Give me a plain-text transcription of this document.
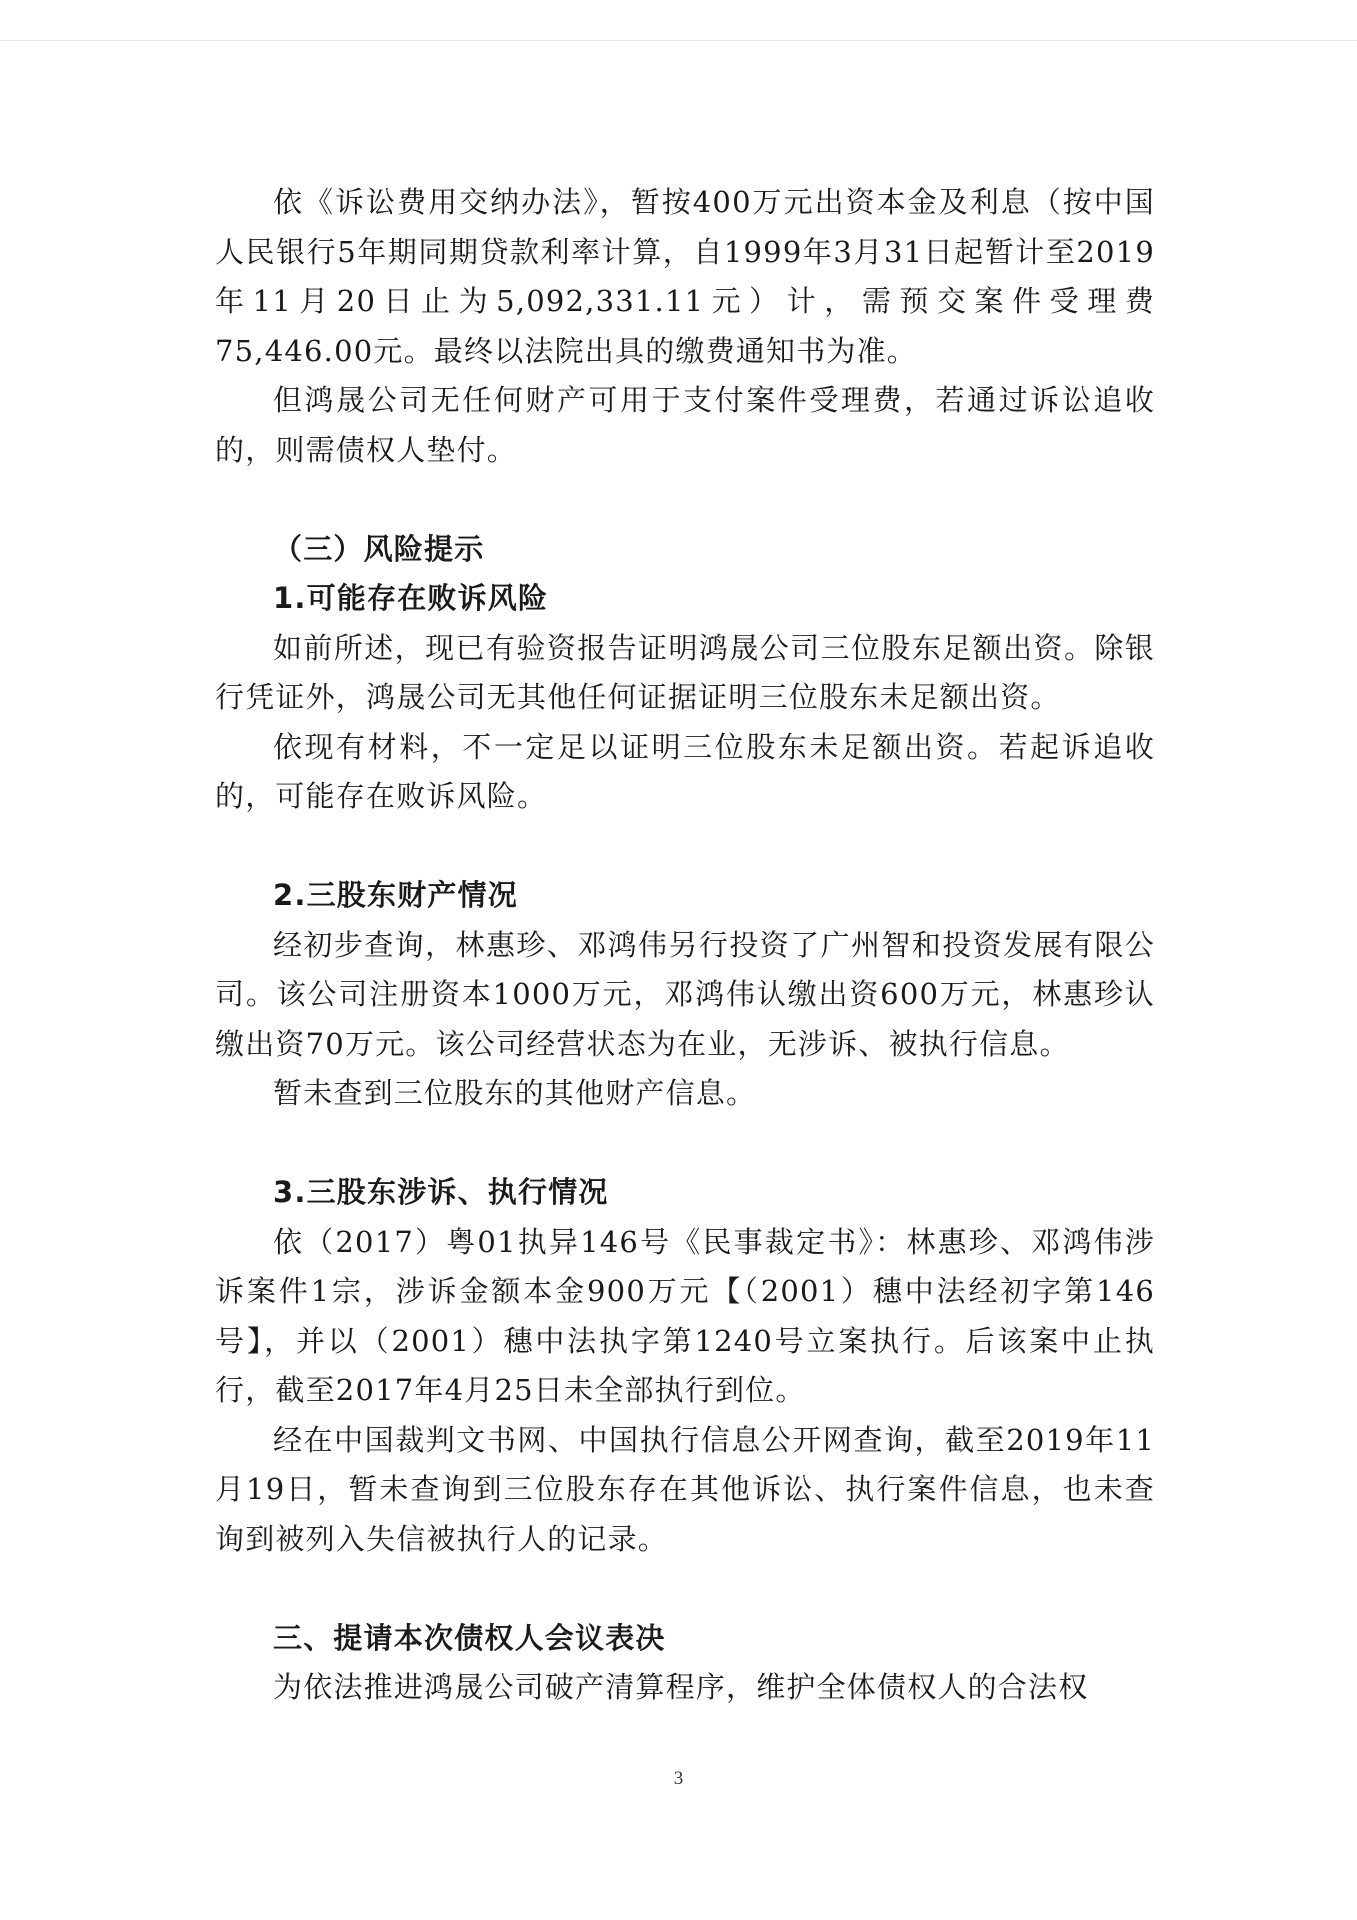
依《诉讼费用交纳办法》，暂按400万元出资本金及利息（按中国人民银行5年期同期贷款利率计算，自1999年3月31日起暂计至2019年11月20日止为5,092,331.11元）计，需预交案件受理费75,446.00元。最终以法院出具的缴费通知书为准。

但鸿晟公司无任何财产可用于支付案件受理费，若通过诉讼追收的，则需债权人垫付。

（三）风险提示

1.可能存在败诉风险

如前所述，现已有验资报告证明鸿晟公司三位股东足额出资。除银行凭证外，鸿晟公司无其他任何证据证明三位股东未足额出资。

依现有材料，不一定足以证明三位股东未足额出资。若起诉追收的，可能存在败诉风险。

2.三股东财产情况

经初步查询，林惠珍、邓鸿伟另行投资了广州智和投资发展有限公司。该公司注册资本1000万元，邓鸿伟认缴出资600万元，林惠珍认缴出资70万元。该公司经营状态为在业，无涉诉、被执行信息。

暂未查到三位股东的其他财产信息。

3.三股东涉诉、执行情况

依（2017）粤01执异146号《民事裁定书》：林惠珍、邓鸿伟涉诉案件1宗，涉诉金额本金900万元【（2001）穗中法经初字第146号】，并以（2001）穗中法执字第1240号立案执行。后该案中止执行，截至2017年4月25日未全部执行到位。

经在中国裁判文书网、中国执行信息公开网查询，截至2019年11月19日，暂未查询到三位股东存在其他诉讼、执行案件信息，也未查询到被列入失信被执行人的记录。

三、提请本次债权人会议表决

为依法推进鸿晟公司破产清算程序，维护全体债权人的合法权

3
